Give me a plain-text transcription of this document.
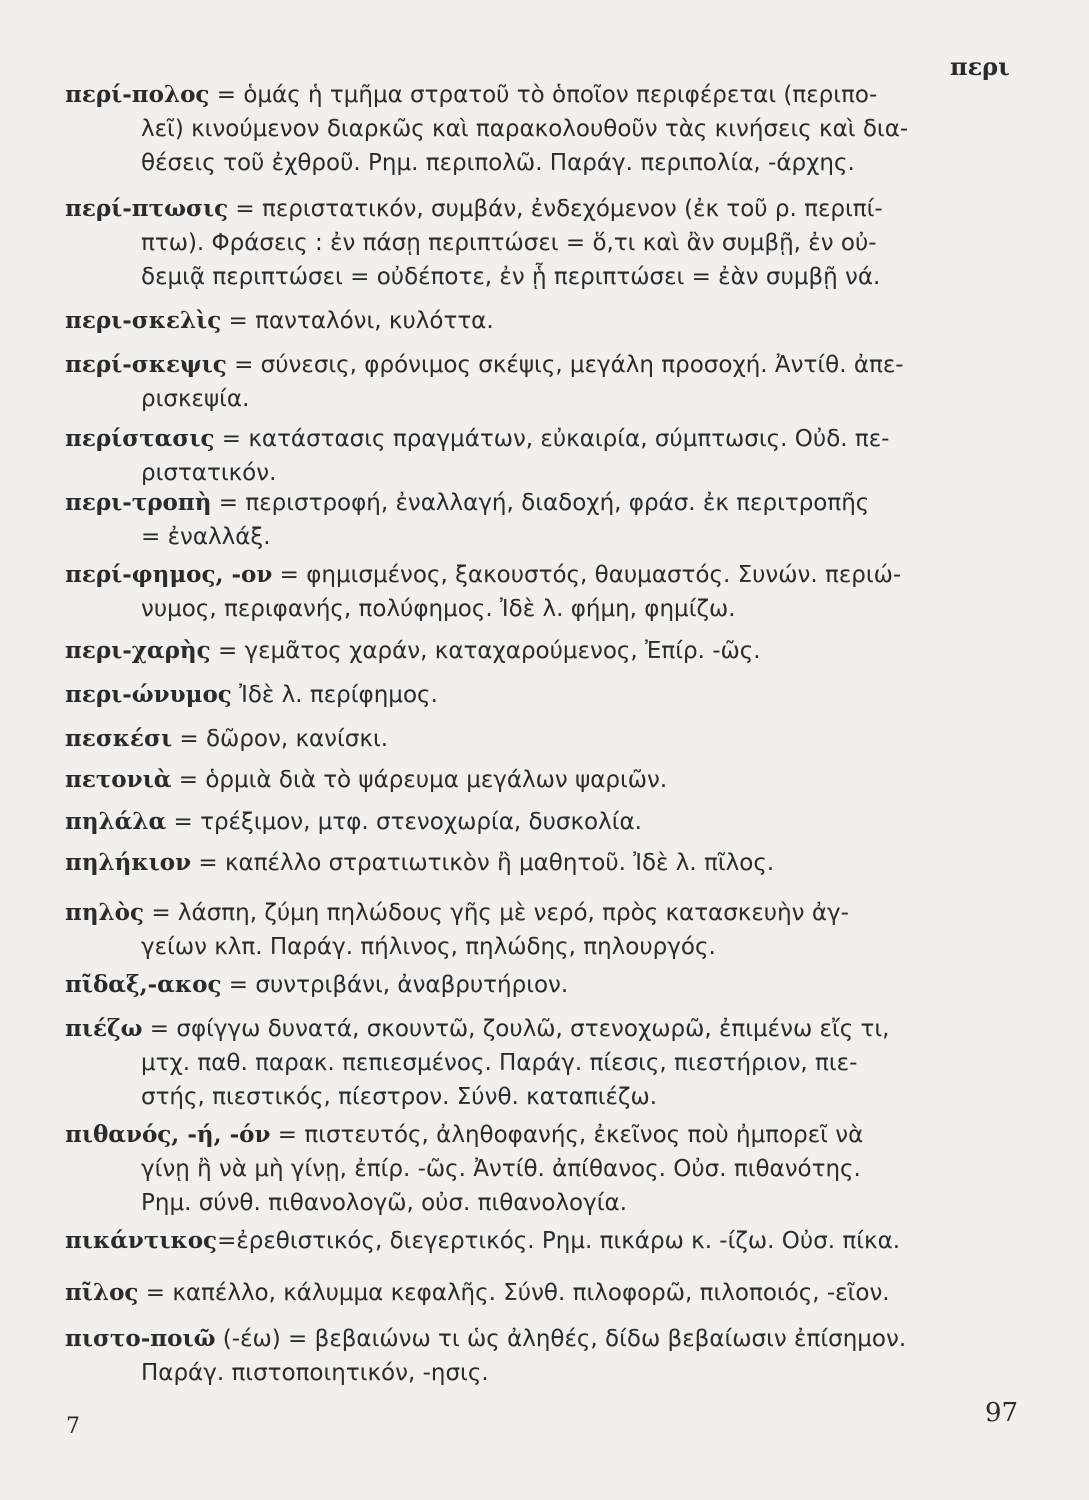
περι
περί-πολος = ὁμάς ἡ τμῆμα στρατοῦ τὸ ὁποῖον περιφέρεται (περιπο-
λεῖ) κινούμενον διαρκῶς καὶ παρακολουθοῦν τὰς κινήσεις καὶ δια-
θέσεις τοῦ ἐχθροῦ. Ρημ. περιπολῶ. Παράγ. περιπολία, -άρχης.
περί-πτωσις = περιστατικόν, συμβάν, ἐνδεχόμενον (ἐκ τοῦ ρ. περιπί-
πτω). Φράσεις : ἐν πάσῃ περιπτώσει = ὅ,τι καὶ ἂν συμβῇ, ἐν οὐ-
δεμιᾷ περιπτώσει = οὐδέποτε, ἐν ᾗ περιπτώσει = ἐὰν συμβῇ νά.
περι-σκελὶς = πανταλόνι, κυλόττα.
περί-σκεψις = σύνεσις, φρόνιμος σκέψις, μεγάλη προσοχή. Ἀντίθ. ἀπε-
ρισκεψία.
περίστασις = κατάστασις πραγμάτων, εὐκαιρία, σύμπτωσις. Οὐδ. πε-
ριστατικόν.
περι-τροπὴ = περιστροφή, ἐναλλαγή, διαδοχή, φράσ. ἐκ περιτροπῆς
= ἐναλλάξ.
περί-φημος, -ον = φημισμένος, ξακουστός, θαυμαστός. Συνών. περιώ-
νυμος, περιφανής, πολύφημος. Ἰδὲ λ. φήμη, φημίζω.
περι-χαρὴς = γεμᾶτος χαράν, καταχαρούμενος, Ἐπίρ. -ῶς.
περι-ώνυμος Ἰδὲ λ. περίφημος.
πεσκέσι = δῶρον, κανίσκι.
πετονιὰ = ὁρμιὰ διὰ τὸ ψάρευμα μεγάλων ψαριῶν.
πηλάλα = τρέξιμον, μτφ. στενοχωρία, δυσκολία.
πηλήκιον = καπέλλο στρατιωτικὸν ἢ μαθητοῦ. Ἰδὲ λ. πῖλος.
πηλὸς = λάσπη, ζύμη πηλώδους γῆς μὲ νερό, πρὸς κατασκευὴν ἀγ-
γείων κλπ. Παράγ. πήλινος, πηλώδης, πηλουργός.
πῖδαξ,-ακος = συντριβάνι, ἀναβρυτήριον.
πιέζω = σφίγγω δυνατά, σκουντῶ, ζουλῶ, στενοχωρῶ, ἐπιμένω εἴς τι,
μτχ. παθ. παρακ. πεπιεσμένος. Παράγ. πίεσις, πιεστήριον, πιε-
στής, πιεστικός, πίεστρον. Σύνθ. καταπιέζω.
πιθανός, -ή, -όν = πιστευτός, ἀληθοφανής, ἐκεῖνος ποὺ ἠμπορεῖ νὰ
γίνῃ ἢ νὰ μὴ γίνῃ, ἐπίρ. -ῶς. Ἀντίθ. ἀπίθανος. Οὐσ. πιθανότης.
Ρημ. σύνθ. πιθανολογῶ, οὐσ. πιθανολογία.
πικάντικος=ἐρεθιστικός, διεγερτικός. Ρημ. πικάρω κ. -ίζω. Οὐσ. πίκα.
πῖλος = καπέλλο, κάλυμμα κεφαλῆς. Σύνθ. πιλοφορῶ, πιλοποιός, -εῖον.
πιστο-ποιῶ (-έω) = βεβαιώνω τι ὡς ἀληθές, δίδω βεβαίωσιν ἐπίσημον.
Παράγ. πιστοποιητικόν, -ησις.
7	97
